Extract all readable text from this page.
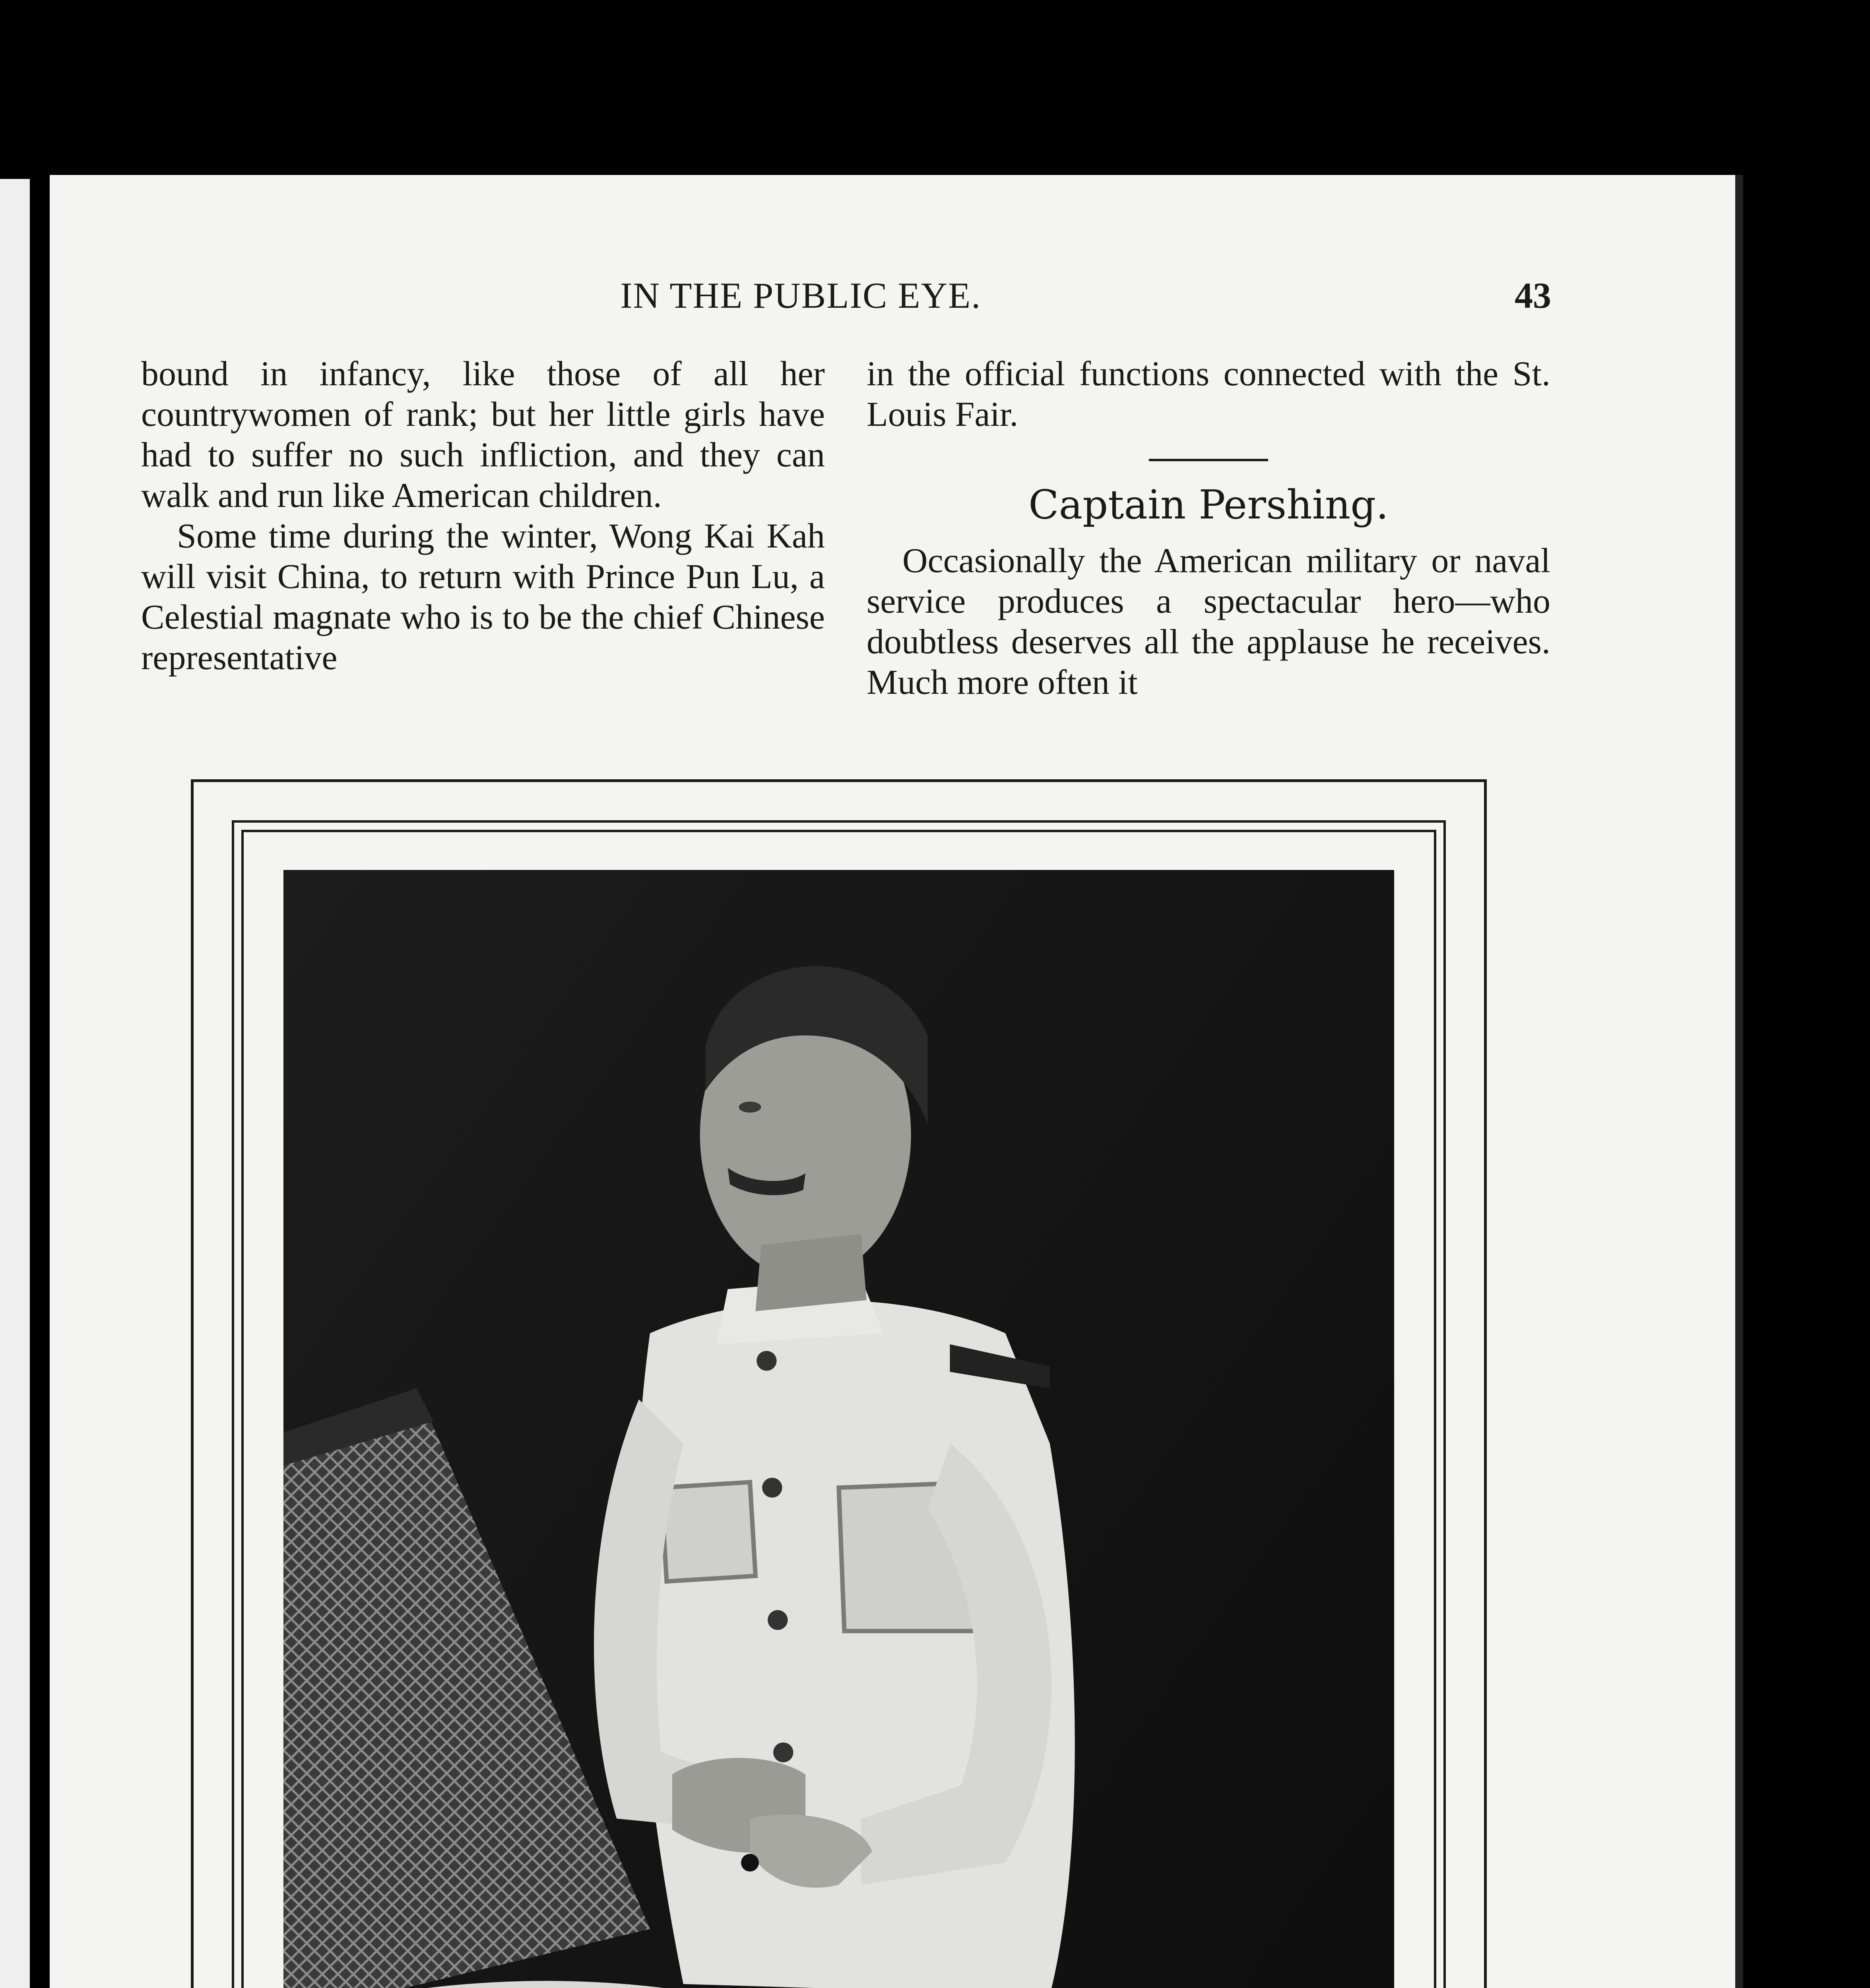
IN THE PUBLIC EYE.	43

bound in infancy, like those of all her countrywomen of rank; but her little girls have had to suffer no such infliction, and they can walk and run like American children.

Some time during the winter, Wong Kai Kah will visit China, to return with Prince Pun Lu, a Celestial magnate who is to be the chief Chinese representative

in the official functions connected with the St. Louis Fair.

Captain Pershing.

Occasionally the American military or naval service produces a spectacular hero—who doubtless deserves all the applause he receives. Much more often it
